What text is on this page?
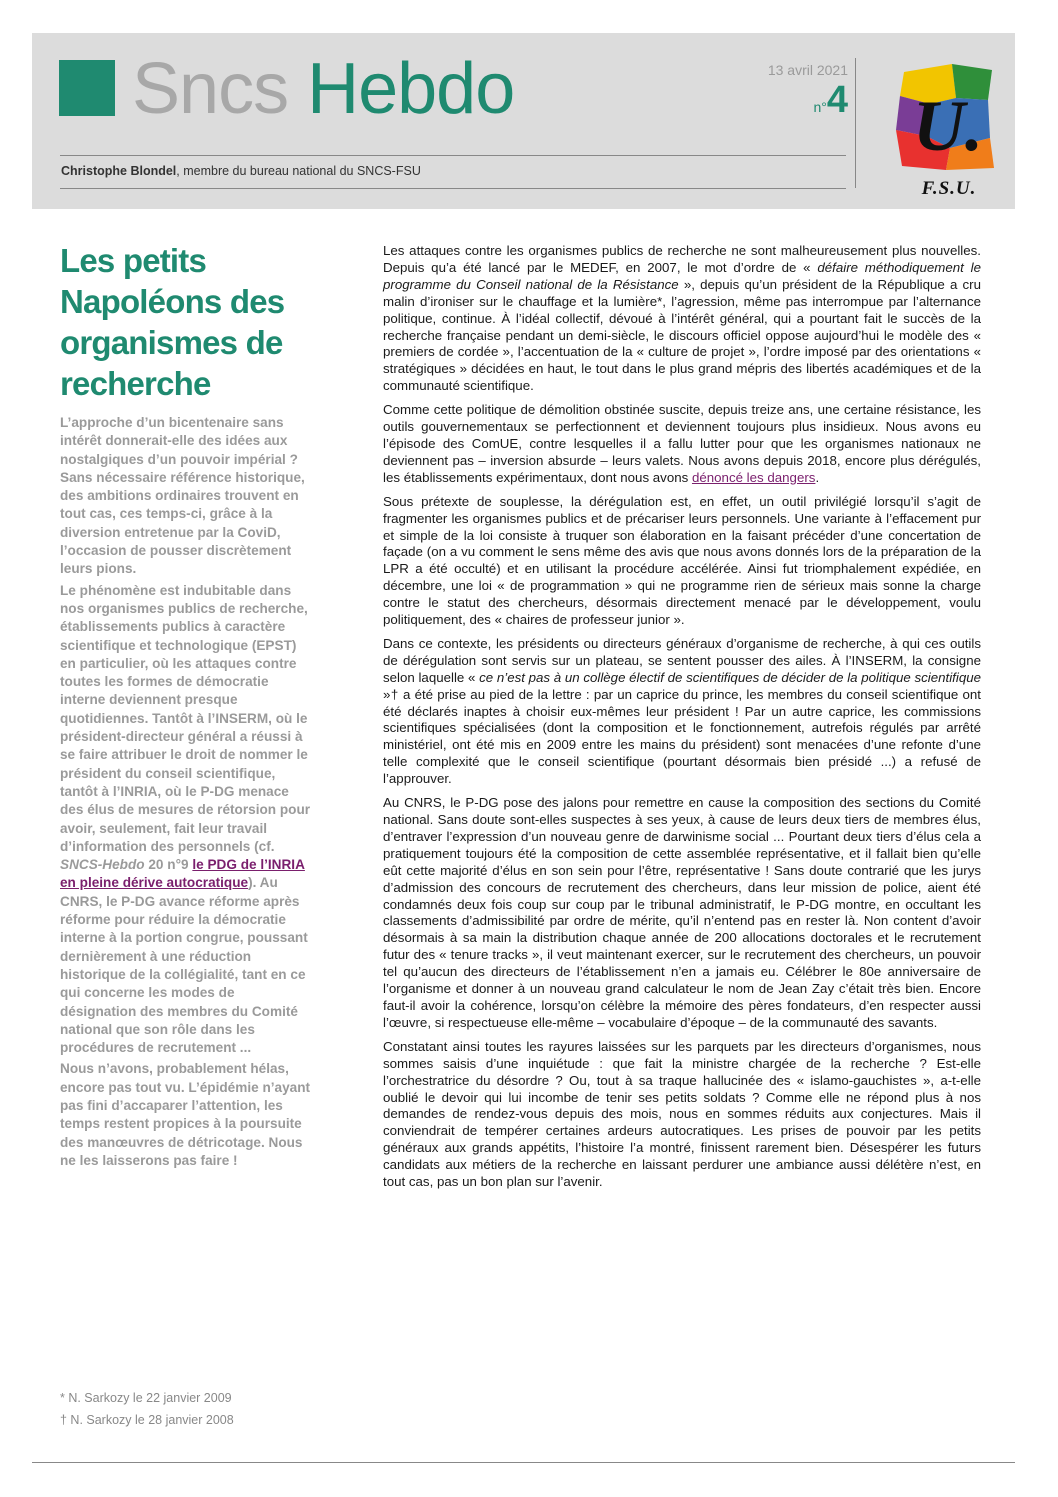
Sncs Hebdo
Christophe Blondel, membre du bureau national du SNCS-FSU
13 avril 2021
n°4 U.
F.S.U.
Les petits Napoléons des organismes de recherche

L’approche d’un bicentenaire sans intérêt donnerait-elle des idées aux nostalgiques d’un pouvoir impérial ? Sans nécessaire référence historique, des ambitions ordinaires trouvent en tout cas, ces temps-ci, grâce à la diversion entretenue par la CoviD, l’occasion de pousser discrètement leurs pions.

Le phénomène est indubitable dans nos organismes publics de recherche, établissements publics à caractère scientifique et technologique (EPST) en particulier, où les attaques contre toutes les formes de démocratie interne deviennent presque quotidiennes. Tantôt à l’INSERM, où le président-directeur général a réussi à se faire attribuer le droit de nommer le président du conseil scientifique, tantôt à l’INRIA, où le P-DG menace des élus de mesures de rétorsion pour avoir, seulement, fait leur travail d’information des personnels (cf. SNCS-Hebdo 20 n°9 le PDG de l’INRIA en pleine dérive autocratique). Au CNRS, le P-DG avance réforme après réforme pour réduire la démocratie interne à la portion congrue, poussant dernièrement à une réduction historique de la collégialité, tant en ce qui concerne les modes de désignation des membres du Comité national que son rôle dans les procédures de recrutement ...

Nous n’avons, probablement hélas, encore pas tout vu. L’épidémie n’ayant pas fini d’accaparer l’attention, les temps restent propices à la poursuite des manœuvres de détricotage. Nous ne les laisserons pas faire !

* N. Sarkozy le 22 janvier 2009
† N. Sarkozy le 28 janvier 2008

Les attaques contre les organismes publics de recherche ne sont malheureusement plus nouvelles. Depuis qu’a été lancé par le MEDEF, en 2007, le mot d’ordre de « défaire méthodiquement le programme du Conseil national de la Résistance », depuis qu’un président de la République a cru malin d’ironiser sur le chauffage et la lumière*, l’agression, même pas interrompue par l’alternance politique, continue. À l’idéal collectif, dévoué à l’intérêt général, qui a pourtant fait le succès de la recherche française pendant un demi-siècle, le discours officiel oppose aujourd’hui le modèle des « premiers de cordée », l’accentuation de la « culture de projet », l’ordre imposé par des orientations « stratégiques » décidées en haut, le tout dans le plus grand mépris des libertés académiques et de la communauté scientifique.

Comme cette politique de démolition obstinée suscite, depuis treize ans, une certaine résistance, les outils gouvernementaux se perfectionnent et deviennent toujours plus insidieux. Nous avons eu l’épisode des ComUE, contre lesquelles il a fallu lutter pour que les organismes nationaux ne deviennent pas – inversion absurde – leurs valets. Nous avons depuis 2018, encore plus dérégulés, les établissements expérimentaux, dont nous avons dénoncé les dangers.

Sous prétexte de souplesse, la dérégulation est, en effet, un outil privilégié lorsqu’il s’agit de fragmenter les organismes publics et de précariser leurs personnels. Une variante à l’effacement pur et simple de la loi consiste à truquer son élaboration en la faisant précéder d’une concertation de façade (on a vu comment le sens même des avis que nous avons donnés lors de la préparation de la LPR a été occulté) et en utilisant la procédure accélérée. Ainsi fut triomphalement expédiée, en décembre, une loi « de programmation » qui ne programme rien de sérieux mais sonne la charge contre le statut des chercheurs, désormais directement menacé par le développement, voulu politiquement, des « chaires de professeur junior ».

Dans ce contexte, les présidents ou directeurs généraux d’organisme de recherche, à qui ces outils de dérégulation sont servis sur un plateau, se sentent pousser des ailes. À l’INSERM, la consigne selon laquelle « ce n’est pas à un collège électif de scientifiques de décider de la politique scientifique »† a été prise au pied de la lettre : par un caprice du prince, les membres du conseil scientifique ont été déclarés inaptes à choisir eux-mêmes leur président ! Par un autre caprice, les commissions scientifiques spécialisées (dont la composition et le fonctionnement, autrefois régulés par arrêté ministériel, ont été mis en 2009 entre les mains du président) sont menacées d’une refonte d’une telle complexité que le conseil scientifique (pourtant désormais bien présidé ...) a refusé de l’approuver.

Au CNRS, le P-DG pose des jalons pour remettre en cause la composition des sections du Comité national. Sans doute sont-elles suspectes à ses yeux, à cause de leurs deux tiers de membres élus, d’entraver l’expression d’un nouveau genre de darwinisme social ... Pourtant deux tiers d’élus cela a pratiquement toujours été la composition de cette assemblée représentative, et il fallait bien qu’elle eût cette majorité d’élus en son sein pour l’être, représentative ! Sans doute contrarié que les jurys d’admission des concours de recrutement des chercheurs, dans leur mission de police, aient été condamnés deux fois coup sur coup par le tribunal administratif, le P-DG montre, en occultant les classements d’admissibilité par ordre de mérite, qu’il n’entend pas en rester là. Non content d’avoir désormais à sa main la distribution chaque année de 200 allocations doctorales et le recrutement futur des « tenure tracks », il veut maintenant exercer, sur le recrutement des chercheurs, un pouvoir tel qu’aucun des directeurs de l’établissement n’en a jamais eu. Célébrer le 80e anniversaire de l’organisme et donner à un nouveau grand calculateur le nom de Jean Zay c’était très bien. Encore faut-il avoir la cohérence, lorsqu’on célèbre la mémoire des pères fondateurs, d’en respecter aussi l’œuvre, si respectueuse elle-même – vocabulaire d’époque – de la communauté des savants.

Constatant ainsi toutes les rayures laissées sur les parquets par les directeurs d’organismes, nous sommes saisis d’une inquiétude : que fait la ministre chargée de la recherche ? Est-elle l’orchestratrice du désordre ? Ou, tout à sa traque hallucinée des « islamo-gauchistes », a-t-elle oublié le devoir qui lui incombe de tenir ses petits soldats ? Comme elle ne répond plus à nos demandes de rendez-vous depuis des mois, nous en sommes réduits aux conjectures. Mais il conviendrait de tempérer certaines ardeurs autocratiques. Les prises de pouvoir par les petits généraux aux grands appétits, l’histoire l’a montré, finissent rarement bien. Désespérer les futurs candidats aux métiers de la recherche en laissant perdurer une ambiance aussi délétère n’est, en tout cas, pas un bon plan sur l’avenir.
